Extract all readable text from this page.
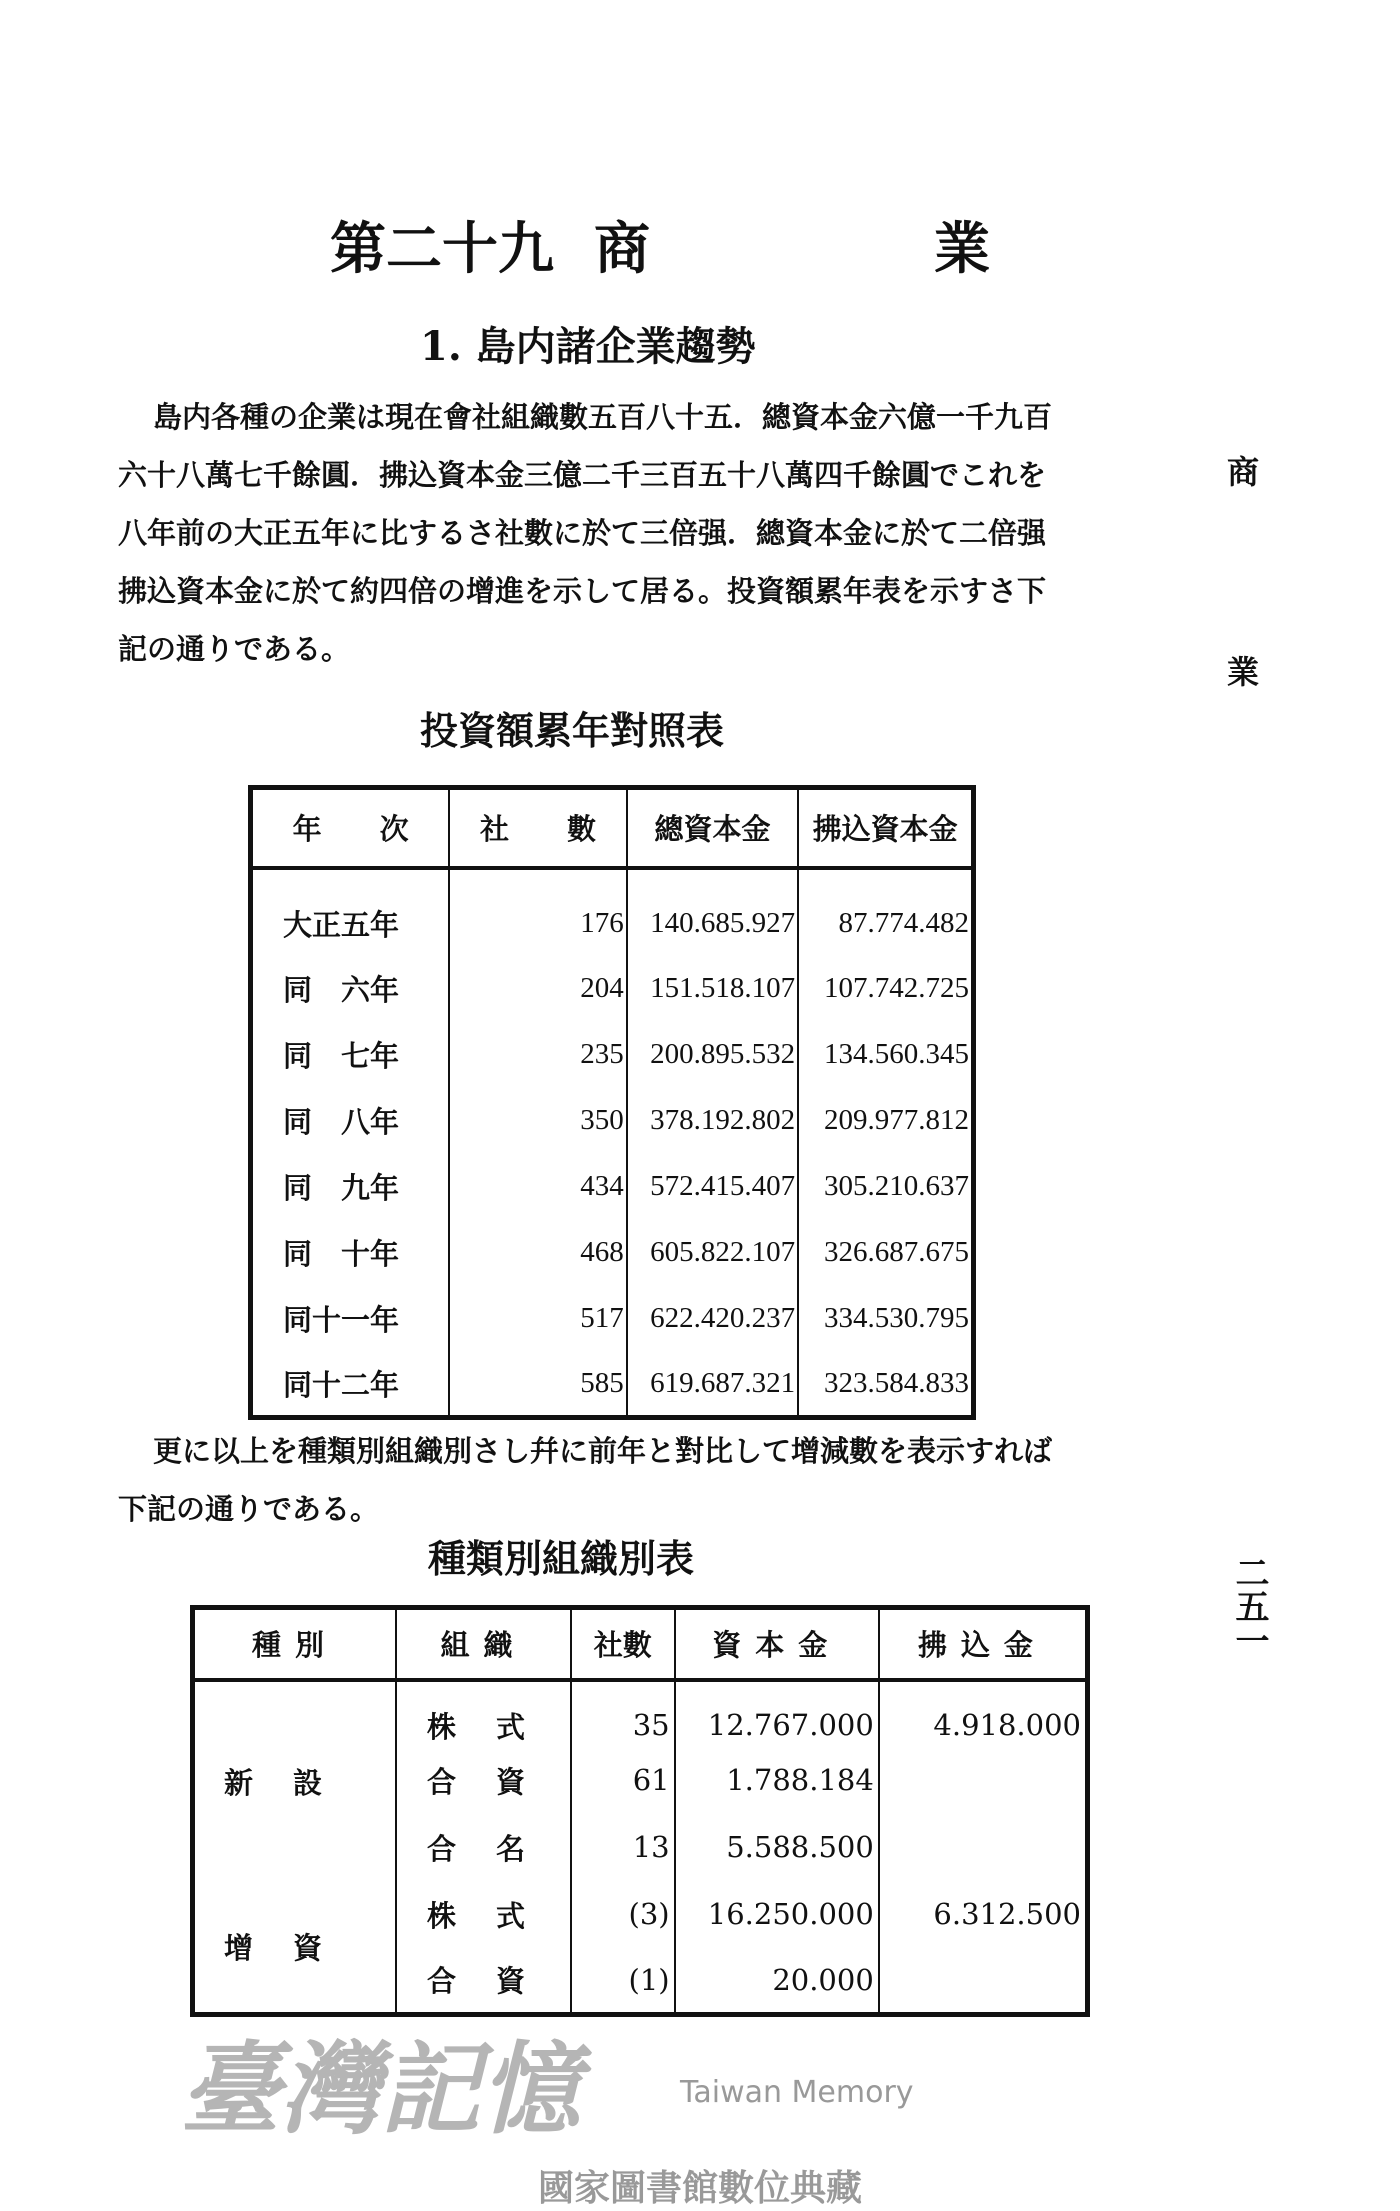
第二十九 商	業
1. 島内諸企業趨勢

島内各種の企業は現在會社組織數五百八十五．總資本金六億一千九百

六十八萬七千餘圓．拂込資本金三億二千三百五十八萬四千餘圓でこれを

八年前の大正五年に比するさ社數に於て三倍强．總資本金に於て二倍强

拂込資本金に於て約四倍の增進を示して居る。投資額累年表を示すさ下

記の通りである。

商
業
二五一
投資額累年對照表
年　　次	社　　數	總資本金	拂込資本金
大正五年	176	140.685.927	87.774.482
同　六年	204	151.518.107	107.742.725
同　七年	235	200.895.532	134.560.345
同　八年	350	378.192.802	209.977.812
同　九年	434	572.415.407	305.210.637
同　十年	468	605.822.107	326.687.675
同十一年	517	622.420.237	334.530.795
同十二年	585	619.687.321	323.584.833

更に以上を種類別組織別さし幷に前年と對比して增減數を表示すれば

下記の通りである。

種類別組織別表
種別	組織	社數	資本金	拂込金
新設	株式	35	12.767.000	4.918.000
	合資	61	1.788.184	
	合名	13	5.588.500	
增資	株式	(3)	16.250.000	6.312.500
	合資	(1)	20.000	
臺灣記憶	Taiwan Memory
國家圖書館數位典藏
